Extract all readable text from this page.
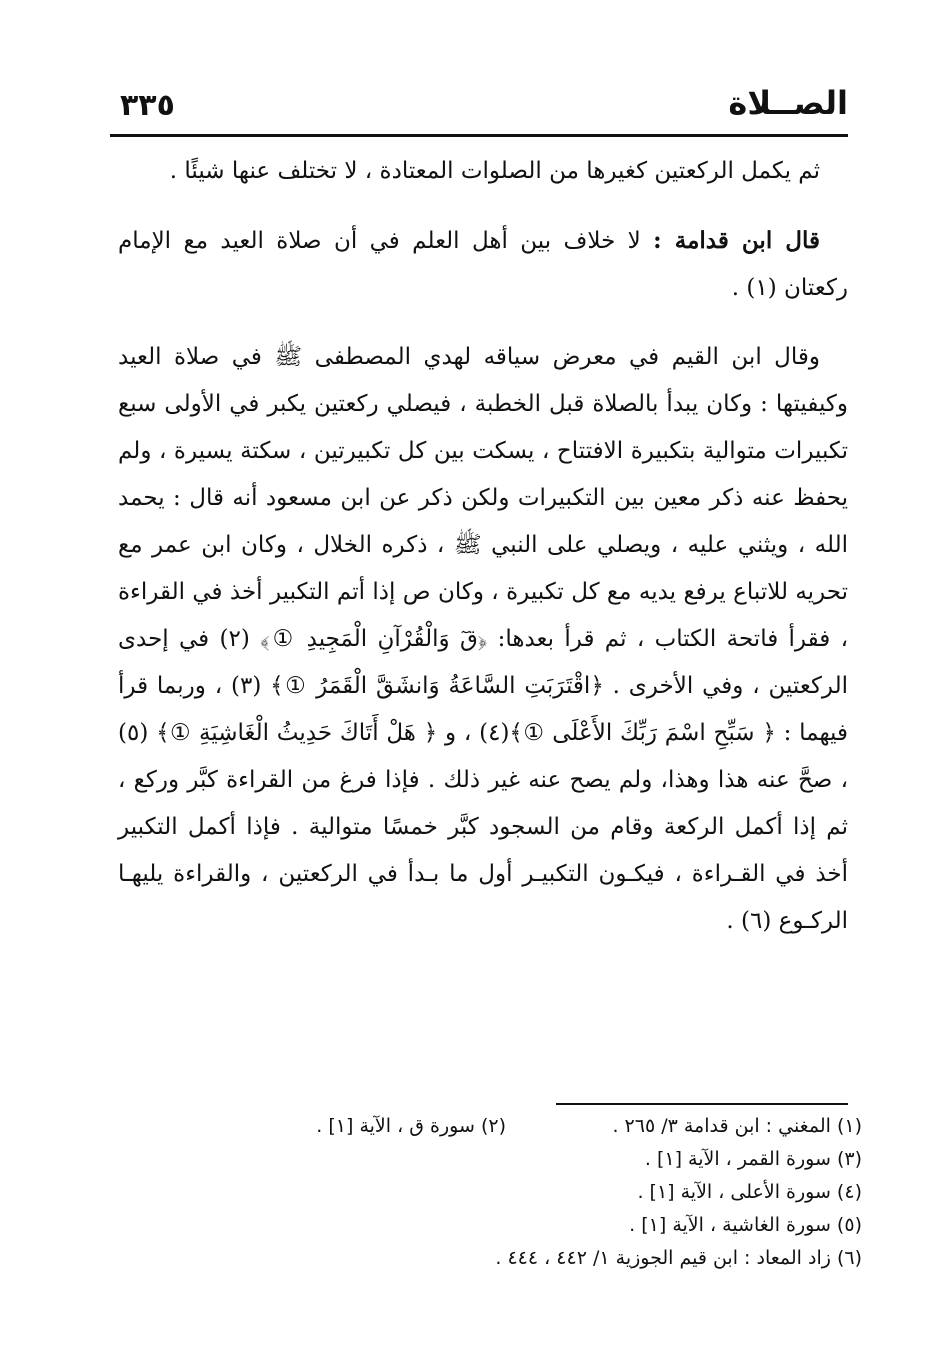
٣٣٥	الصــلاة

ثم يكمل الركعتين كغيرها من الصلوات المعتادة ، لا تختلف عنها شيئًا .

قال ابن قدامة : لا خلاف بين أهل العلم في أن صلاة العيد مع الإمام ركعتان (١) .

وقال ابن القيم في معرض سياقه لهدي المصطفى ﷺ في صلاة العيد وكيفيتها : وكان يبدأ بالصلاة قبل الخطبة ، فيصلي ركعتين يكبر في الأولى سبع تكبيرات متوالية بتكبيرة الافتتاح ، يسكت بين كل تكبيرتين ، سكتة يسيرة ، ولم يحفظ عنه ذكر معين بين التكبيرات ولكن ذكر عن ابن مسعود أنه قال : يحمد الله ، ويثني عليه ، ويصلي على النبي ﷺ ، ذكره الخلال ، وكان ابن عمر مع تحريه للاتباع يرفع يديه مع كل تكبيرة ، وكان ص إذا أتم التكبير أخذ في القراءة ، فقرأ فاتحة الكتاب ، ثم قرأ بعدها: ﴿قٓ وَالْقُرْآنِ الْمَجِيدِ ①﴾ (٢) في إحدى الركعتين ، وفي الأخرى . ﴿اقْتَرَبَتِ السَّاعَةُ وَانشَقَّ الْقَمَرُ ①﴾ (٣) ، وربما قرأ فيهما : ﴿ سَبِّحِ اسْمَ رَبِّكَ الأَعْلَى ①﴾(٤) ، و ﴿ هَلْ أَتَاكَ حَدِيثُ الْغَاشِيَةِ ①﴾ (٥) ، صحَّ عنه هذا وهذا، ولم يصح عنه غير ذلك . فإذا فرغ من القراءة كبَّر وركع ، ثم إذا أكمل الركعة وقام من السجود كبَّر خمسًا متوالية . فإذا أكمل التكبير أخذ في القـراءة ، فيكـون التكبيـر أول ما بـدأ في الركعتين ، والقراءة يليهـا الركـوع (٦) .

(١) المغني : ابن قدامة ٣/ ٢٦٥ .
(٢) سورة ق ، الآية [١] .
(٣) سورة القمر ، الآية [١] .
(٤) سورة الأعلى ، الآية [١] .
(٥) سورة الغاشية ، الآية [١] .
(٦) زاد المعاد : ابن قيم الجوزية ١/ ٤٤٢ ، ٤٤٤ .
